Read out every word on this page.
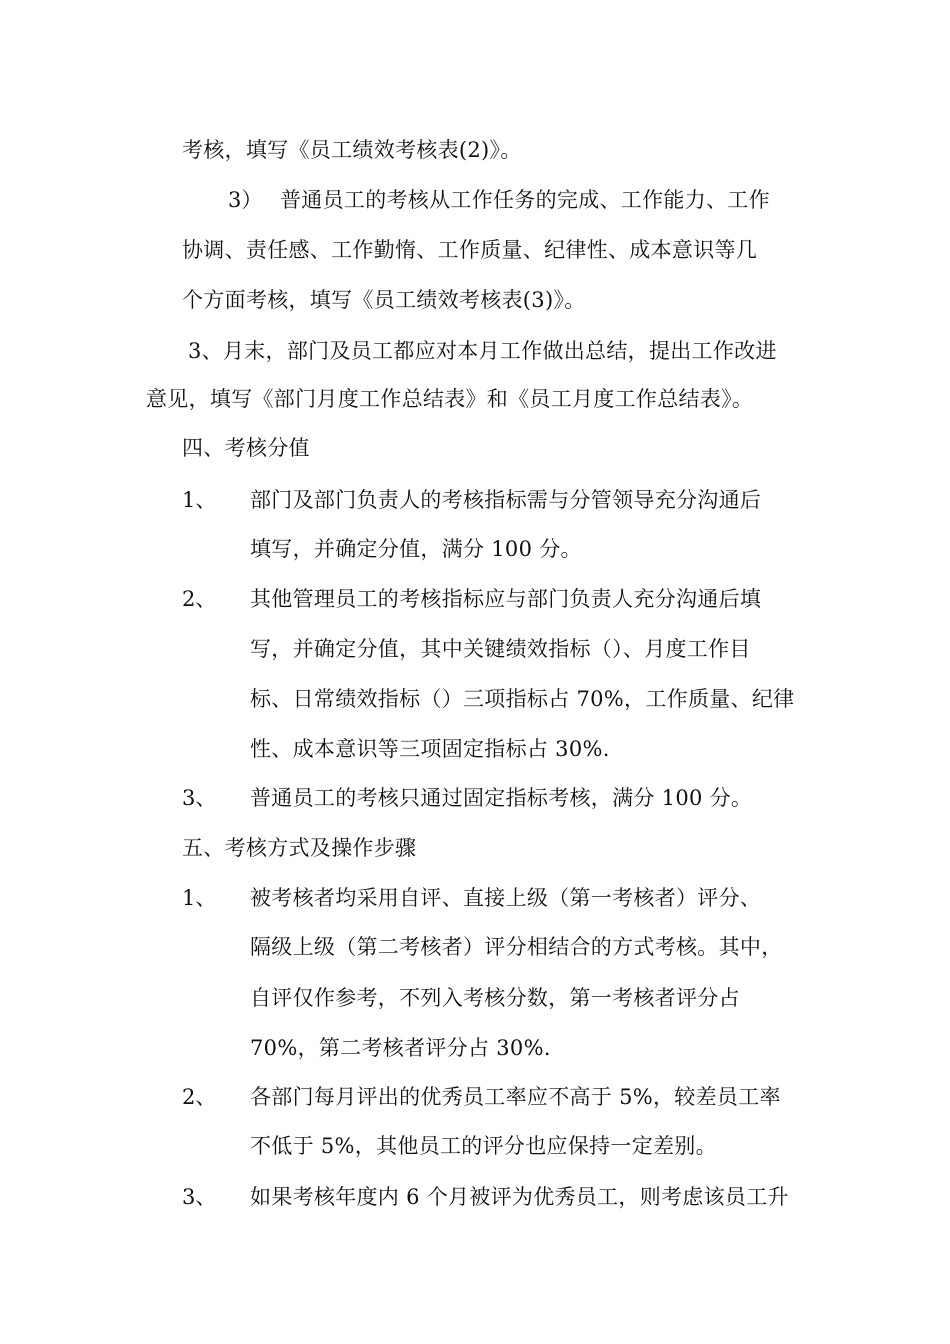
考核，填写《员工绩效考核表(2)》。
3） 普通员工的考核从工作任务的完成、工作能力、工作
协调、责任感、工作勤惰、工作质量、纪律性、成本意识等几
个方面考核，填写《员工绩效考核表(3)》。
3、月末，部门及员工都应对本月工作做出总结，提出工作改进
意见，填写《部门月度工作总结表》和《员工月度工作总结表》。
四、考核分值
1、 部门及部门负责人的考核指标需与分管领导充分沟通后
填写，并确定分值，满分 100 分。
2、 其他管理员工的考核指标应与部门负责人充分沟通后填
写，并确定分值，其中关键绩效指标（）、月度工作目
标、日常绩效指标（）三项指标占 70%，工作质量、纪律
性、成本意识等三项固定指标占 30%.
3、 普通员工的考核只通过固定指标考核，满分 100 分。
五、考核方式及操作步骤
1、 被考核者均采用自评、直接上级（第一考核者）评分、
隔级上级（第二考核者）评分相结合的方式考核。其中，
自评仅作参考，不列入考核分数，第一考核者评分占
70%，第二考核者评分占 30%.
2、 各部门每月评出的优秀员工率应不高于 5%，较差员工率
不低于 5%，其他员工的评分也应保持一定差别。
3、 如果考核年度内 6 个月被评为优秀员工，则考虑该员工升
